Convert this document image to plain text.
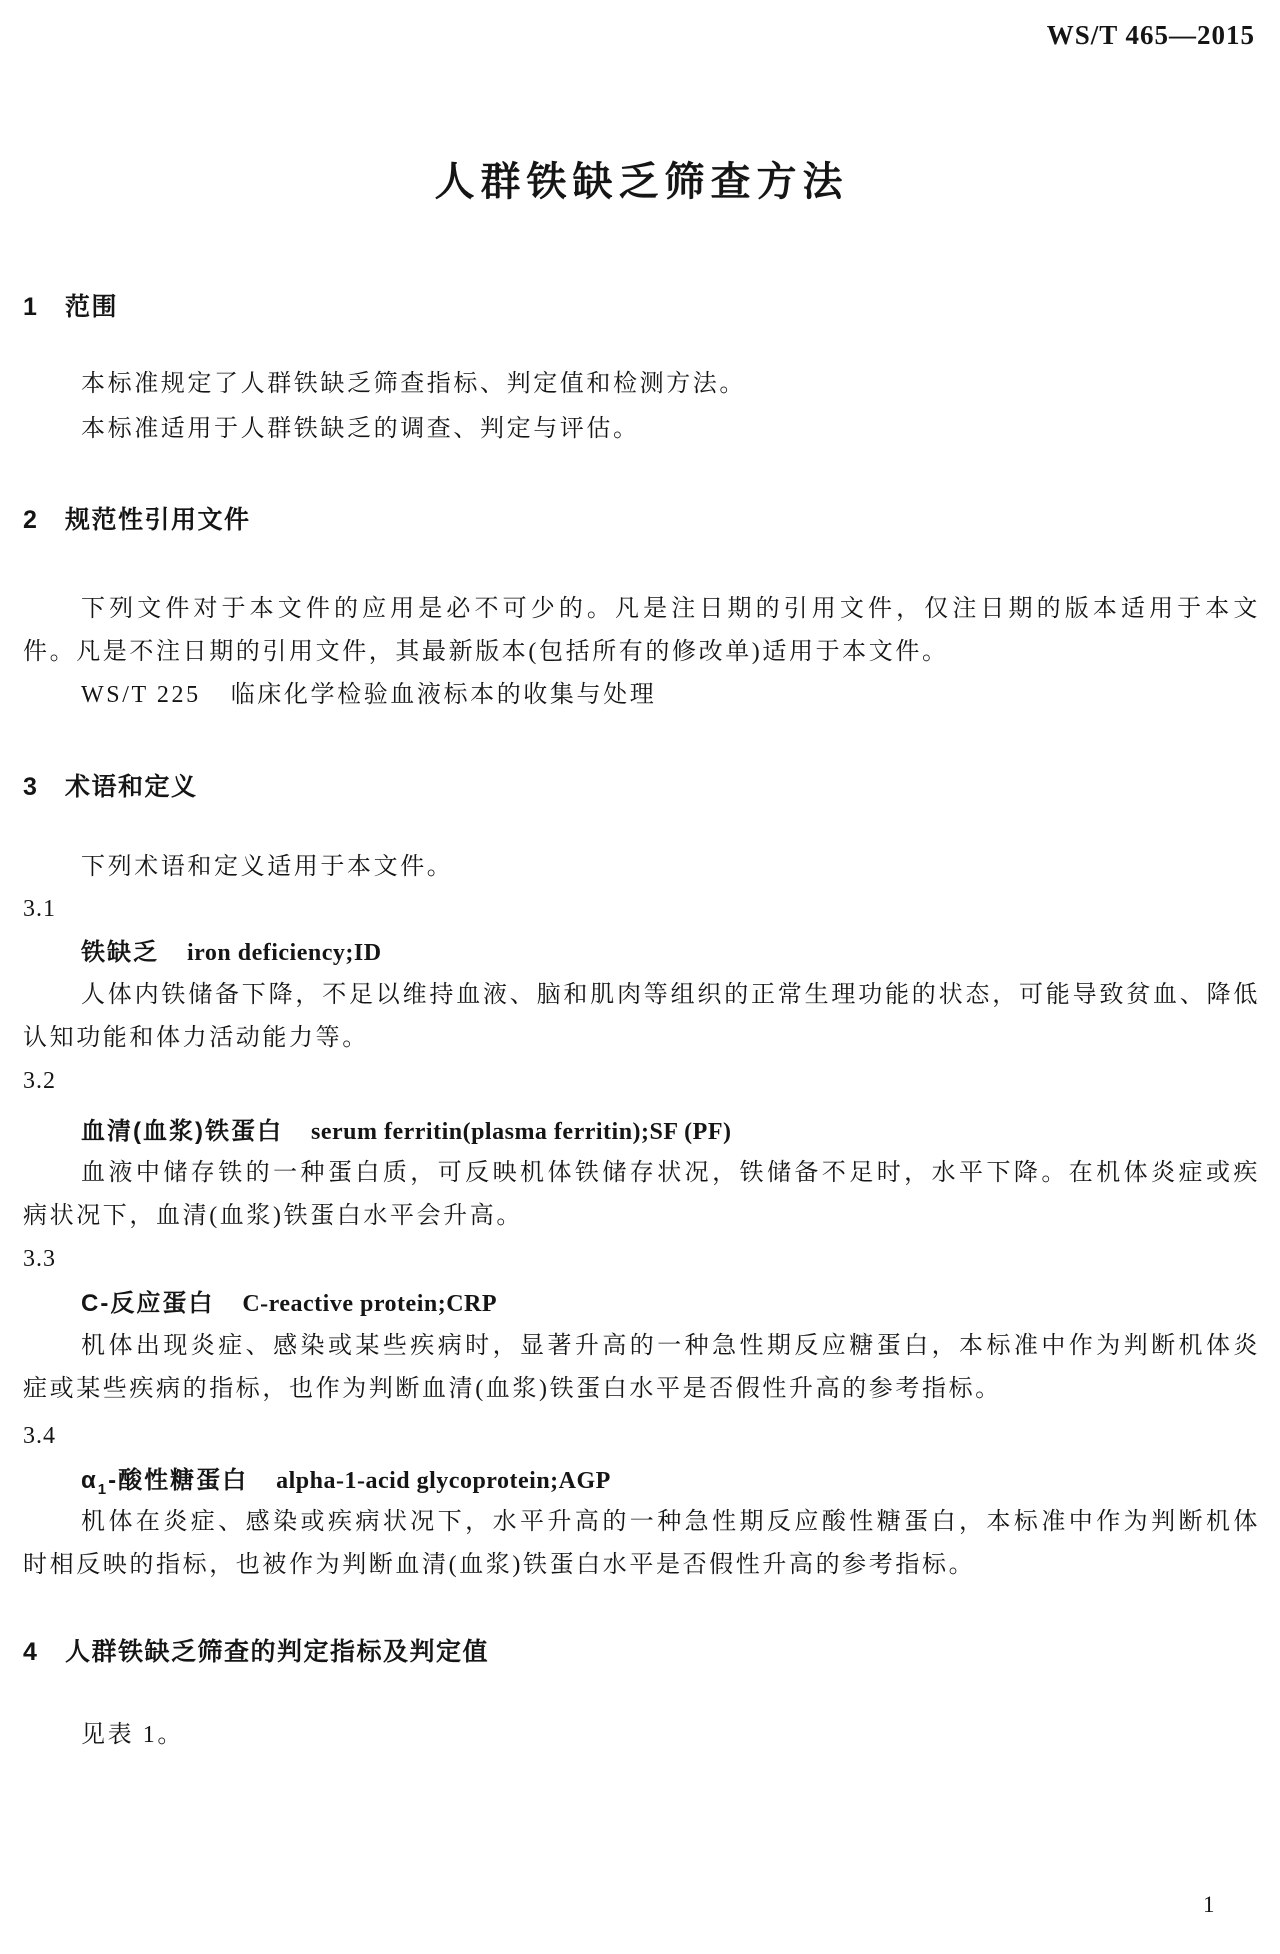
WS/T 465—2015
人群铁缺乏筛查方法
1 范围
本标准规定了人群铁缺乏筛查指标、判定值和检测方法。
本标准适用于人群铁缺乏的调查、判定与评估。
2 规范性引用文件
下列文件对于本文件的应用是必不可少的。凡是注日期的引用文件，仅注日期的版本适用于本文
件。凡是不注日期的引用文件，其最新版本(包括所有的修改单)适用于本文件。
WS/T 225 临床化学检验血液标本的收集与处理
3 术语和定义
下列术语和定义适用于本文件。
3.1
铁缺乏 iron deficiency;ID
人体内铁储备下降，不足以维持血液、脑和肌肉等组织的正常生理功能的状态，可能导致贫血、降低
认知功能和体力活动能力等。
3.2
血清(血浆)铁蛋白 serum ferritin(plasma ferritin);SF (PF)
血液中储存铁的一种蛋白质，可反映机体铁储存状况，铁储备不足时，水平下降。在机体炎症或疾
病状况下，血清(血浆)铁蛋白水平会升高。
3.3
C-反应蛋白 C-reactive protein;CRP
机体出现炎症、感染或某些疾病时，显著升高的一种急性期反应糖蛋白，本标准中作为判断机体炎
症或某些疾病的指标，也作为判断血清(血浆)铁蛋白水平是否假性升高的参考指标。
3.4
$\alpha_1-$酸性糖蛋白 alpha-1-acid glycoprotein;AGP
机体在炎症、感染或疾病状况下，水平升高的一种急性期反应酸性糖蛋白，本标准中作为判断机体
时相反映的指标，也被作为判断血清(血浆)铁蛋白水平是否假性升高的参考指标。
4 人群铁缺乏筛查的判定指标及判定值
见表 1。
1
